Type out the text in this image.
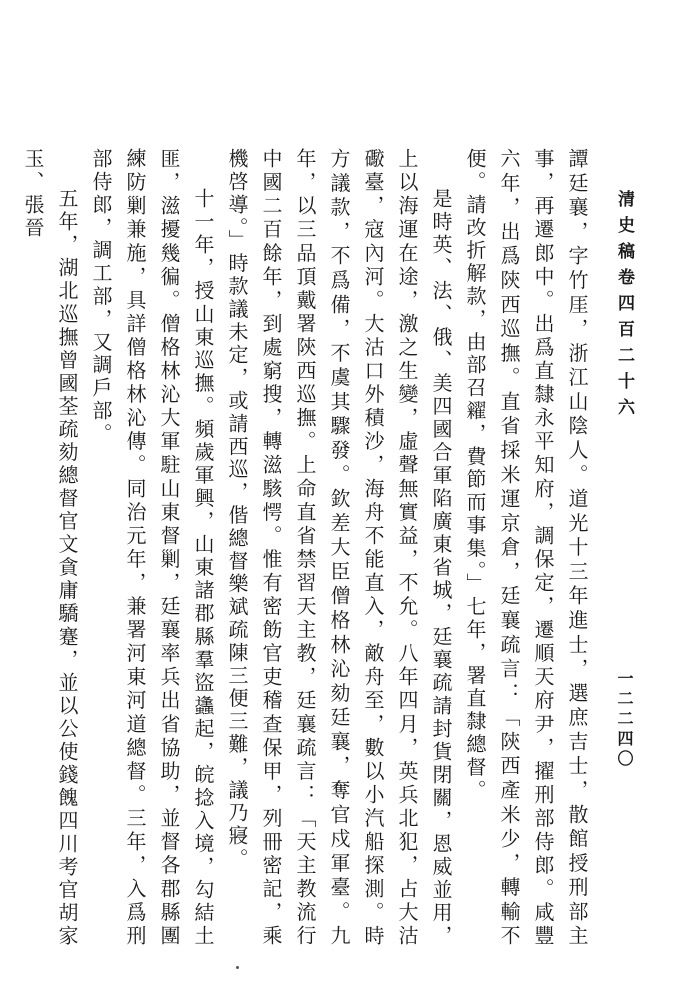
清史稿卷四百二十六
一二二四〇

譚廷襄，字竹厓，浙江山陰人。道光十三年進士，選庶吉士，散館授刑部主事，再遷郎中。出爲直隸永平知府，調保定，遷順天府尹，擢刑部侍郎。咸豐六年，出爲陝西巡撫。直省採米運京倉，廷襄疏言：「陝西產米少，轉輸不便。請改折解款，由部召糴，費節而事集。」七年，署直隸總督。

是時英、法、俄、美四國合軍陷廣東省城，廷襄疏請封貨閉關，恩威並用，上以海運在途，激之生變，虛聲無實益，不允。八年四月，英兵北犯，占大沽礮臺，寇內河。大沽口外積沙，海舟不能直入，敵舟至，數以小汽船探測。時方議款，不爲備，不虞其驟發。欽差大臣僧格林沁劾廷襄，奪官戍軍臺。九年，以三品頂戴署陝西巡撫。上命直省禁習天主教，廷襄疏言：「天主教流行中國二百餘年，到處窮搜，轉滋駭愕。惟有密飭官吏稽查保甲，列冊密記，乘機啓導。」時款議未定，或請西巡，偕總督樂斌疏陳三便三難，議乃寢。

十一年，授山東巡撫。頻歲軍興，山東諸郡縣羣盜蠭起，皖捻入境，勾結土匪，滋擾幾徧。僧格林沁大軍駐山東督剿，廷襄率兵出省協助，並督各郡縣團練防剿兼施，具詳僧格林沁傳。同治元年，兼署河東河道總督。三年，入爲刑部侍郎，調工部，又調戶部。

五年，湖北巡撫曾國荃疏劾總督官文貪庸驕蹇，並以公使錢餽四川考官胡家玉、張晉
